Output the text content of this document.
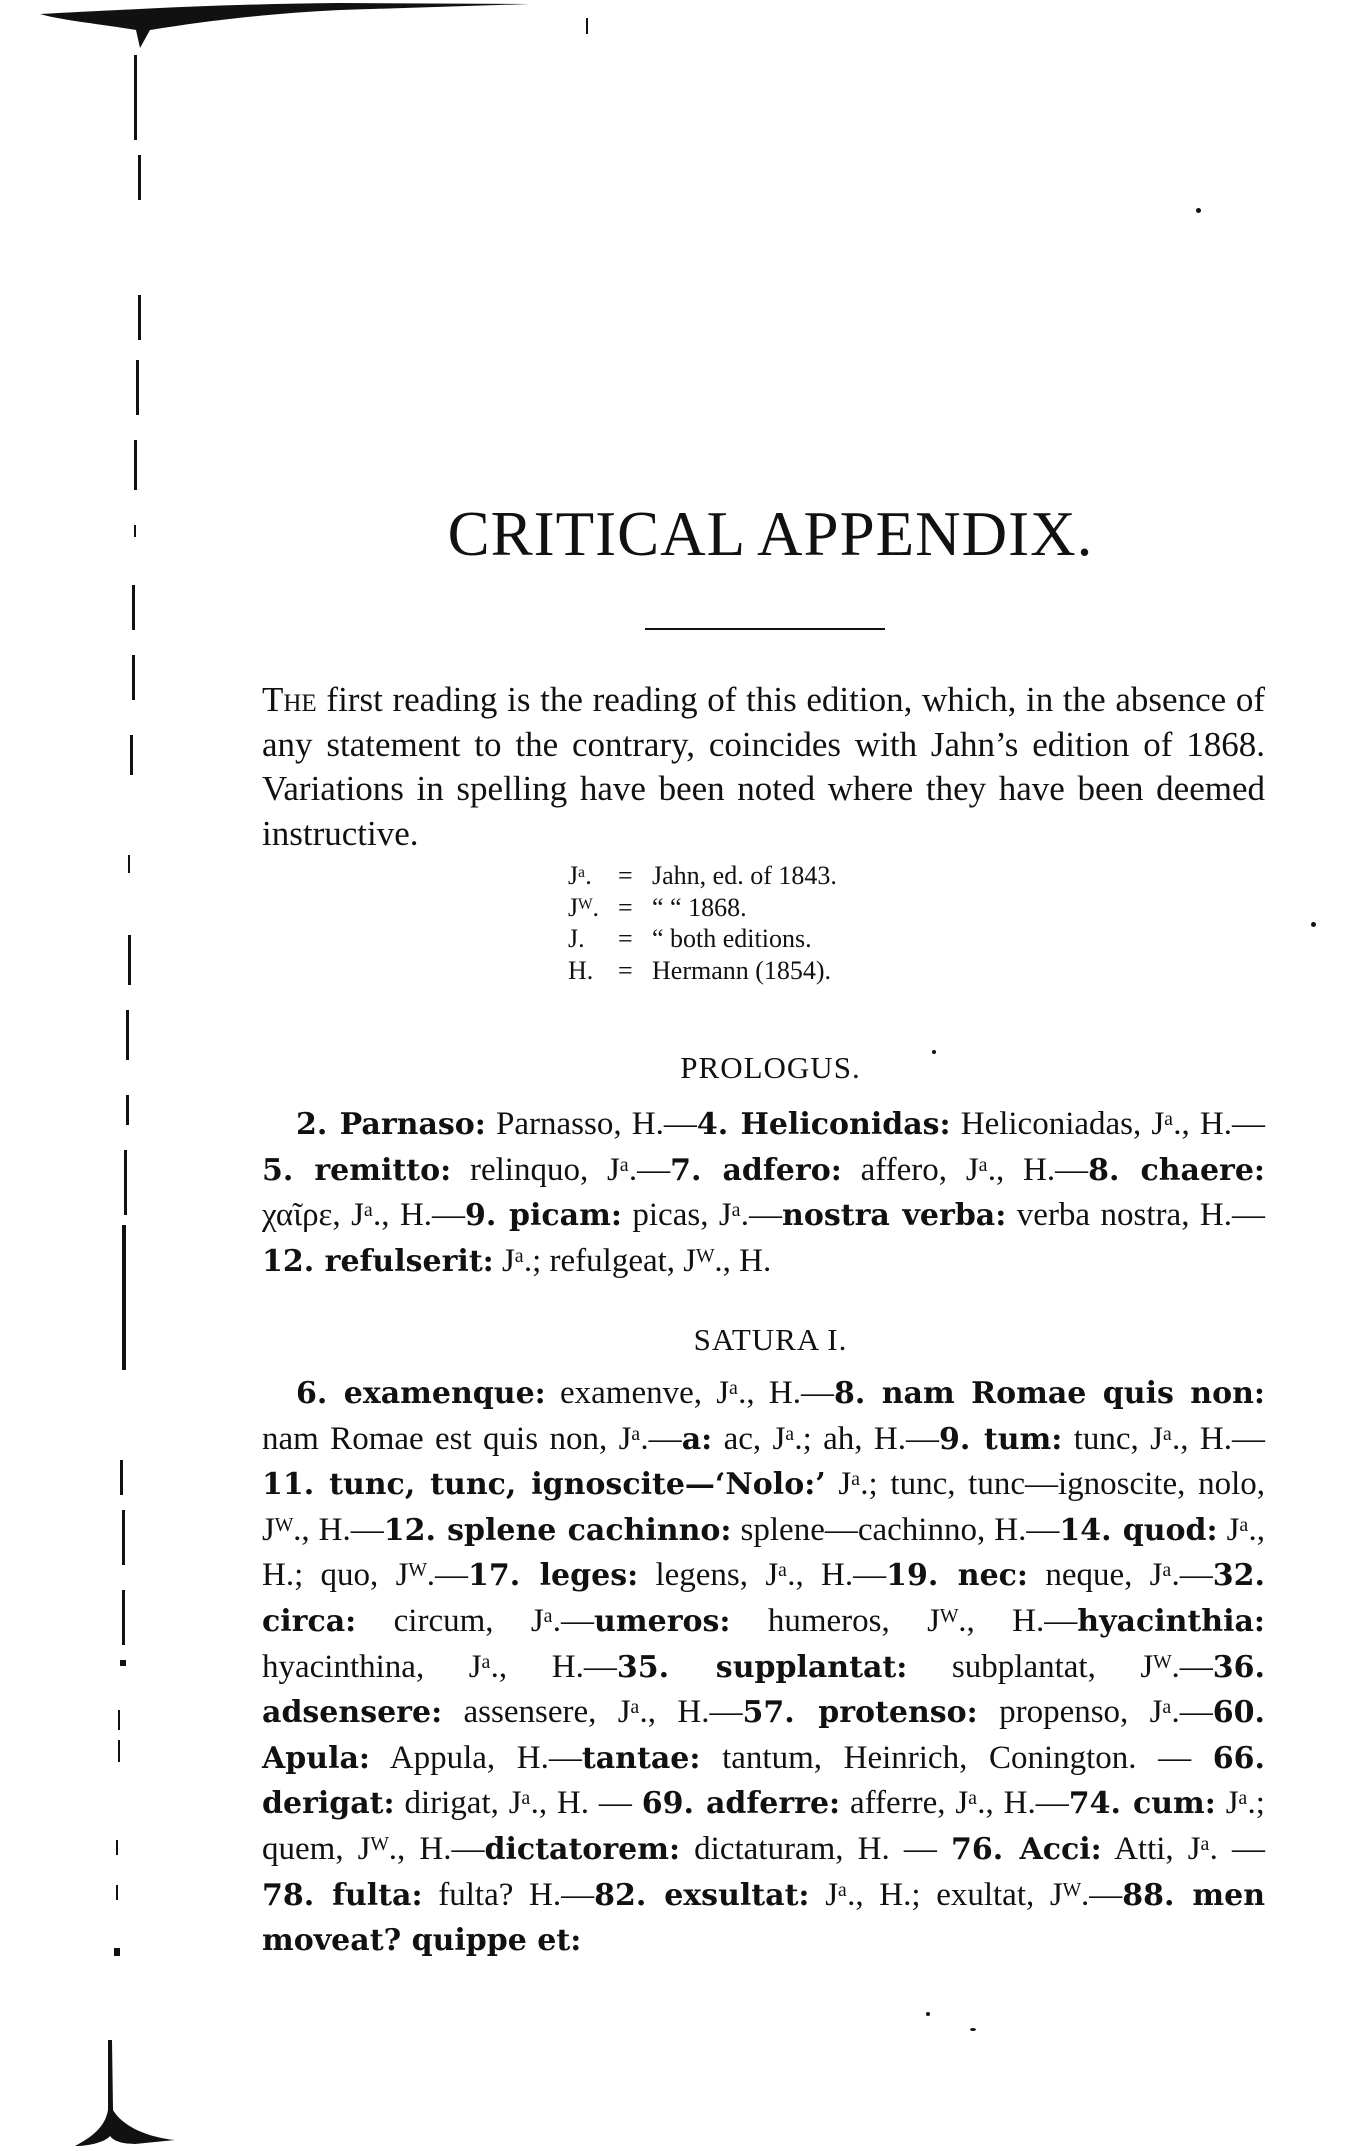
CRITICAL APPENDIX.

The first reading is the reading of this edition, which, in the absence of any statement to the contrary, coincides with Jahn’s edition of 1868. Variations in spelling have been noted where they have been deemed instructive.

Jᵃ.	= Jahn, ed. of 1843.
Jᵂ. = “ “ 1868.
J.	= “ both editions.
H. = Hermann (1854).
PROLOGUS.

2. Parnaso: Parnasso, H.—4. Heliconidas: Heliconiadas, Jᵃ., H.—5. remitto: relinquo, Jᵃ.—7. adfero: affero, Jᵃ., H.—8. chaere: χαῖρε, Jᵃ., H.—9. picam: picas, Jᵃ.—nostra verba: verba nostra, H.—12. refulserit: Jᵃ.; refulgeat, Jᵂ., H.

SATURA I.

6. examenque: examenve, Jᵃ., H.—8. nam Romae quis non: nam Romae est quis non, Jᵃ.—a: ac, Jᵃ.; ah, H.—9. tum: tunc, Jᵃ., H.—11. tunc, tunc, ignoscite—‘Nolo:’ Jᵃ.; tunc, tunc—ignoscite, nolo, Jᵂ., H.—12. splene cachinno: splene—cachinno, H.—14. quod: Jᵃ., H.; quo, Jᵂ.—17. leges: legens, Jᵃ., H.—19. nec: neque, Jᵃ.—32. circa: circum, Jᵃ.—umeros: humeros, Jᵂ., H.—hyacinthia: hyacinthina, Jᵃ., H.—35. supplantat: subplantat, Jᵂ.—36. adsensere: assensere, Jᵃ., H.—57. protenso: propenso, Jᵃ.—60. Apula: Appula, H.—tantae: tantum, Heinrich, Conington. — 66. derigat: dirigat, Jᵃ., H. — 69. adferre: afferre, Jᵃ., H.—74. cum: Jᵃ.; quem, Jᵂ., H.—dictatorem: dictaturam, H. — 76. Acci: Atti, Jᵃ. — 78. fulta: fulta? H.—82. exsultat: Jᵃ., H.; exultat, Jᵂ.—88. men moveat? quippe et:
